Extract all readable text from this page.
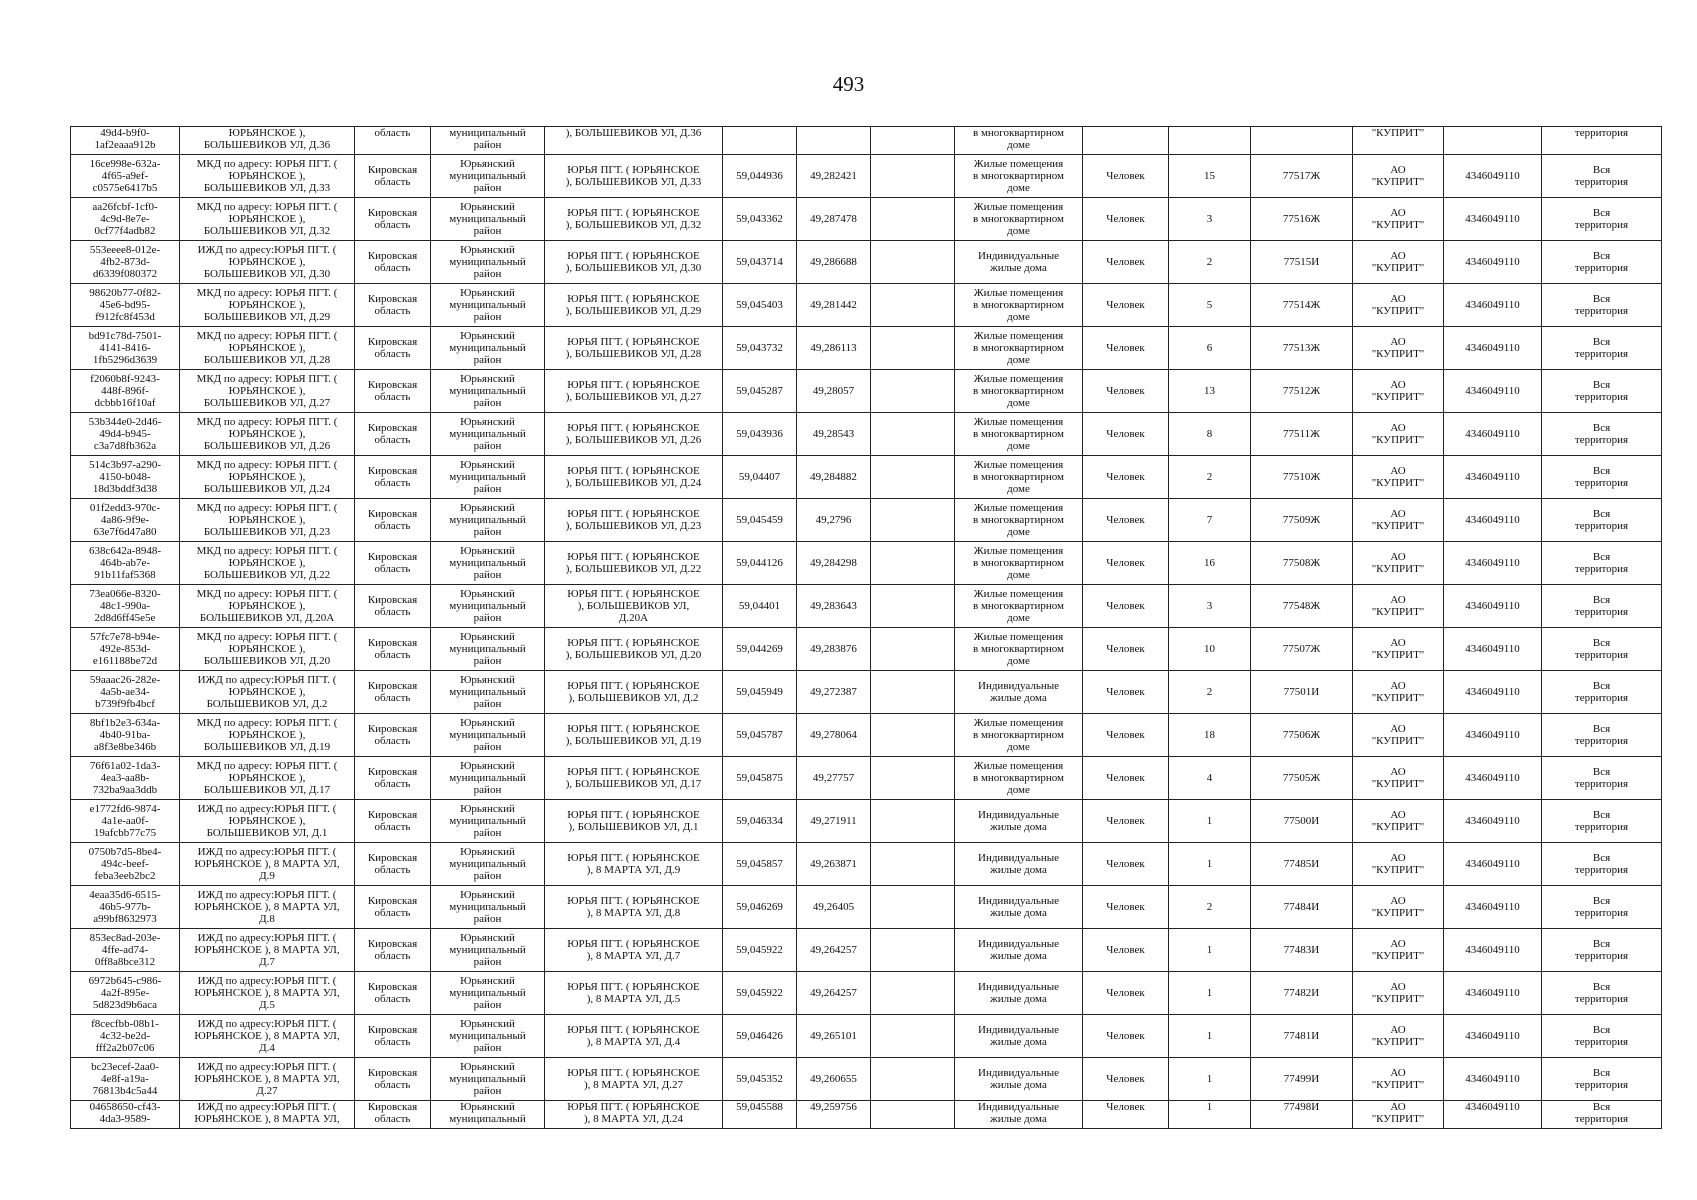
493
49d4-b9f0-
1af2eaaa912b	ЮРЬЯНСКОЕ ),
БОЛЬШЕВИКОВ УЛ, Д.36	область	муниципальный
район	), БОЛЬШЕВИКОВ УЛ, Д.36				в многоквартирном
доме				"КУПРИТ"		территория
16ce998e-632a-
4f65-a9ef-
c0575e6417b5	МКД по адресу: ЮРЬЯ ПГТ. (
ЮРЬЯНСКОЕ ),
БОЛЬШЕВИКОВ УЛ, Д.33	Кировская
область	Юрьянский
муниципальный
район	ЮРЬЯ ПГТ. ( ЮРЬЯНСКОЕ
), БОЛЬШЕВИКОВ УЛ, Д.33	59,044936	49,282421		Жилые помещения
в многоквартирном
доме	Человек	15	77517Ж	АО
"КУПРИТ"	4346049110	Вся
территория
aa26fcbf-1cf0-
4c9d-8e7e-
0cf77f4adb82	МКД по адресу: ЮРЬЯ ПГТ. (
ЮРЬЯНСКОЕ ),
БОЛЬШЕВИКОВ УЛ, Д.32	Кировская
область	Юрьянский
муниципальный
район	ЮРЬЯ ПГТ. ( ЮРЬЯНСКОЕ
), БОЛЬШЕВИКОВ УЛ, Д.32	59,043362	49,287478		Жилые помещения
в многоквартирном
доме	Человек	3	77516Ж	АО
"КУПРИТ"	4346049110	Вся
территория
553eeee8-012e-
4fb2-873d-
d6339f080372	ИЖД по адресу:ЮРЬЯ ПГТ. (
ЮРЬЯНСКОЕ ),
БОЛЬШЕВИКОВ УЛ, Д.30	Кировская
область	Юрьянский
муниципальный
район	ЮРЬЯ ПГТ. ( ЮРЬЯНСКОЕ
), БОЛЬШЕВИКОВ УЛ, Д.30	59,043714	49,286688		Индивидуальные
жилые дома	Человек	2	77515И	АО
"КУПРИТ"	4346049110	Вся
территория
98620b77-0f82-
45e6-bd95-
f912fc8f453d	МКД по адресу: ЮРЬЯ ПГТ. (
ЮРЬЯНСКОЕ ),
БОЛЬШЕВИКОВ УЛ, Д.29	Кировская
область	Юрьянский
муниципальный
район	ЮРЬЯ ПГТ. ( ЮРЬЯНСКОЕ
), БОЛЬШЕВИКОВ УЛ, Д.29	59,045403	49,281442		Жилые помещения
в многоквартирном
доме	Человек	5	77514Ж	АО
"КУПРИТ"	4346049110	Вся
территория
bd91c78d-7501-
4141-8416-
1fb5296d3639	МКД по адресу: ЮРЬЯ ПГТ. (
ЮРЬЯНСКОЕ ),
БОЛЬШЕВИКОВ УЛ, Д.28	Кировская
область	Юрьянский
муниципальный
район	ЮРЬЯ ПГТ. ( ЮРЬЯНСКОЕ
), БОЛЬШЕВИКОВ УЛ, Д.28	59,043732	49,286113		Жилые помещения
в многоквартирном
доме	Человек	6	77513Ж	АО
"КУПРИТ"	4346049110	Вся
территория
f2060b8f-9243-
448f-896f-
dcbbb16f10af	МКД по адресу: ЮРЬЯ ПГТ. (
ЮРЬЯНСКОЕ ),
БОЛЬШЕВИКОВ УЛ, Д.27	Кировская
область	Юрьянский
муниципальный
район	ЮРЬЯ ПГТ. ( ЮРЬЯНСКОЕ
), БОЛЬШЕВИКОВ УЛ, Д.27	59,045287	49,28057		Жилые помещения
в многоквартирном
доме	Человек	13	77512Ж	АО
"КУПРИТ"	4346049110	Вся
территория
53b344e0-2d46-
49d4-b945-
c3a7d8fb362a	МКД по адресу: ЮРЬЯ ПГТ. (
ЮРЬЯНСКОЕ ),
БОЛЬШЕВИКОВ УЛ, Д.26	Кировская
область	Юрьянский
муниципальный
район	ЮРЬЯ ПГТ. ( ЮРЬЯНСКОЕ
), БОЛЬШЕВИКОВ УЛ, Д.26	59,043936	49,28543		Жилые помещения
в многоквартирном
доме	Человек	8	77511Ж	АО
"КУПРИТ"	4346049110	Вся
территория
514c3b97-a290-
4150-b048-
18d3bddf3d38	МКД по адресу: ЮРЬЯ ПГТ. (
ЮРЬЯНСКОЕ ),
БОЛЬШЕВИКОВ УЛ, Д.24	Кировская
область	Юрьянский
муниципальный
район	ЮРЬЯ ПГТ. ( ЮРЬЯНСКОЕ
), БОЛЬШЕВИКОВ УЛ, Д.24	59,04407	49,284882		Жилые помещения
в многоквартирном
доме	Человек	2	77510Ж	АО
"КУПРИТ"	4346049110	Вся
территория
01f2edd3-970c-
4a86-9f9e-
63e7f6d47a80	МКД по адресу: ЮРЬЯ ПГТ. (
ЮРЬЯНСКОЕ ),
БОЛЬШЕВИКОВ УЛ, Д.23	Кировская
область	Юрьянский
муниципальный
район	ЮРЬЯ ПГТ. ( ЮРЬЯНСКОЕ
), БОЛЬШЕВИКОВ УЛ, Д.23	59,045459	49,2796		Жилые помещения
в многоквартирном
доме	Человек	7	77509Ж	АО
"КУПРИТ"	4346049110	Вся
территория
638c642a-8948-
464b-ab7e-
91b11faf5368	МКД по адресу: ЮРЬЯ ПГТ. (
ЮРЬЯНСКОЕ ),
БОЛЬШЕВИКОВ УЛ, Д.22	Кировская
область	Юрьянский
муниципальный
район	ЮРЬЯ ПГТ. ( ЮРЬЯНСКОЕ
), БОЛЬШЕВИКОВ УЛ, Д.22	59,044126	49,284298		Жилые помещения
в многоквартирном
доме	Человек	16	77508Ж	АО
"КУПРИТ"	4346049110	Вся
территория
73ea066e-8320-
48c1-990a-
2d8d6ff45e5e	МКД по адресу: ЮРЬЯ ПГТ. (
ЮРЬЯНСКОЕ ),
БОЛЬШЕВИКОВ УЛ, Д.20А	Кировская
область	Юрьянский
муниципальный
район	ЮРЬЯ ПГТ. ( ЮРЬЯНСКОЕ
), БОЛЬШЕВИКОВ УЛ,
Д.20А	59,04401	49,283643		Жилые помещения
в многоквартирном
доме	Человек	3	77548Ж	АО
"КУПРИТ"	4346049110	Вся
территория
57fc7e78-b94e-
492e-853d-
e161188be72d	МКД по адресу: ЮРЬЯ ПГТ. (
ЮРЬЯНСКОЕ ),
БОЛЬШЕВИКОВ УЛ, Д.20	Кировская
область	Юрьянский
муниципальный
район	ЮРЬЯ ПГТ. ( ЮРЬЯНСКОЕ
), БОЛЬШЕВИКОВ УЛ, Д.20	59,044269	49,283876		Жилые помещения
в многоквартирном
доме	Человек	10	77507Ж	АО
"КУПРИТ"	4346049110	Вся
территория
59aaac26-282e-
4a5b-ae34-
b739f9fb4bcf	ИЖД по адресу:ЮРЬЯ ПГТ. (
ЮРЬЯНСКОЕ ),
БОЛЬШЕВИКОВ УЛ, Д.2	Кировская
область	Юрьянский
муниципальный
район	ЮРЬЯ ПГТ. ( ЮРЬЯНСКОЕ
), БОЛЬШЕВИКОВ УЛ, Д.2	59,045949	49,272387		Индивидуальные
жилые дома	Человек	2	77501И	АО
"КУПРИТ"	4346049110	Вся
территория
8bf1b2e3-634a-
4b40-91ba-
a8f3e8be346b	МКД по адресу: ЮРЬЯ ПГТ. (
ЮРЬЯНСКОЕ ),
БОЛЬШЕВИКОВ УЛ, Д.19	Кировская
область	Юрьянский
муниципальный
район	ЮРЬЯ ПГТ. ( ЮРЬЯНСКОЕ
), БОЛЬШЕВИКОВ УЛ, Д.19	59,045787	49,278064		Жилые помещения
в многоквартирном
доме	Человек	18	77506Ж	АО
"КУПРИТ"	4346049110	Вся
территория
76f61a02-1da3-
4ea3-aa8b-
732ba9aa3ddb	МКД по адресу: ЮРЬЯ ПГТ. (
ЮРЬЯНСКОЕ ),
БОЛЬШЕВИКОВ УЛ, Д.17	Кировская
область	Юрьянский
муниципальный
район	ЮРЬЯ ПГТ. ( ЮРЬЯНСКОЕ
), БОЛЬШЕВИКОВ УЛ, Д.17	59,045875	49,27757		Жилые помещения
в многоквартирном
доме	Человек	4	77505Ж	АО
"КУПРИТ"	4346049110	Вся
территория
e1772fd6-9874-
4a1e-aa0f-
19afcbb77c75	ИЖД по адресу:ЮРЬЯ ПГТ. (
ЮРЬЯНСКОЕ ),
БОЛЬШЕВИКОВ УЛ, Д.1	Кировская
область	Юрьянский
муниципальный
район	ЮРЬЯ ПГТ. ( ЮРЬЯНСКОЕ
), БОЛЬШЕВИКОВ УЛ, Д.1	59,046334	49,271911		Индивидуальные
жилые дома	Человек	1	77500И	АО
"КУПРИТ"	4346049110	Вся
территория
0750b7d5-8be4-
494c-beef-
feba3eeb2bc2	ИЖД по адресу:ЮРЬЯ ПГТ. (
ЮРЬЯНСКОЕ ), 8 МАРТА УЛ,
Д.9	Кировская
область	Юрьянский
муниципальный
район	ЮРЬЯ ПГТ. ( ЮРЬЯНСКОЕ
), 8 МАРТА УЛ, Д.9	59,045857	49,263871		Индивидуальные
жилые дома	Человек	1	77485И	АО
"КУПРИТ"	4346049110	Вся
территория
4eaa35d6-6515-
46b5-977b-
a99bf8632973	ИЖД по адресу:ЮРЬЯ ПГТ. (
ЮРЬЯНСКОЕ ), 8 МАРТА УЛ,
Д.8	Кировская
область	Юрьянский
муниципальный
район	ЮРЬЯ ПГТ. ( ЮРЬЯНСКОЕ
), 8 МАРТА УЛ, Д.8	59,046269	49,26405		Индивидуальные
жилые дома	Человек	2	77484И	АО
"КУПРИТ"	4346049110	Вся
территория
853ec8ad-203e-
4ffe-ad74-
0ff8a8bce312	ИЖД по адресу:ЮРЬЯ ПГТ. (
ЮРЬЯНСКОЕ ), 8 МАРТА УЛ,
Д.7	Кировская
область	Юрьянский
муниципальный
район	ЮРЬЯ ПГТ. ( ЮРЬЯНСКОЕ
), 8 МАРТА УЛ, Д.7	59,045922	49,264257		Индивидуальные
жилые дома	Человек	1	77483И	АО
"КУПРИТ"	4346049110	Вся
территория
6972b645-c986-
4a2f-895e-
5d823d9b6aca	ИЖД по адресу:ЮРЬЯ ПГТ. (
ЮРЬЯНСКОЕ ), 8 МАРТА УЛ,
Д.5	Кировская
область	Юрьянский
муниципальный
район	ЮРЬЯ ПГТ. ( ЮРЬЯНСКОЕ
), 8 МАРТА УЛ, Д.5	59,045922	49,264257		Индивидуальные
жилые дома	Человек	1	77482И	АО
"КУПРИТ"	4346049110	Вся
территория
f8cecfbb-08b1-
4c32-be2d-
fff2a2b07c06	ИЖД по адресу:ЮРЬЯ ПГТ. (
ЮРЬЯНСКОЕ ), 8 МАРТА УЛ,
Д.4	Кировская
область	Юрьянский
муниципальный
район	ЮРЬЯ ПГТ. ( ЮРЬЯНСКОЕ
), 8 МАРТА УЛ, Д.4	59,046426	49,265101		Индивидуальные
жилые дома	Человек	1	77481И	АО
"КУПРИТ"	4346049110	Вся
территория
bc23ecef-2aa0-
4e8f-a19a-
76813b4c5a44	ИЖД по адресу:ЮРЬЯ ПГТ. (
ЮРЬЯНСКОЕ ), 8 МАРТА УЛ,
Д.27	Кировская
область	Юрьянский
муниципальный
район	ЮРЬЯ ПГТ. ( ЮРЬЯНСКОЕ
), 8 МАРТА УЛ, Д.27	59,045352	49,260655		Индивидуальные
жилые дома	Человек	1	77499И	АО
"КУПРИТ"	4346049110	Вся
территория
04658650-cf43-
4da3-9589-	ИЖД по адресу:ЮРЬЯ ПГТ. (
ЮРЬЯНСКОЕ ), 8 МАРТА УЛ,	Кировская
область	Юрьянский
муниципальный	ЮРЬЯ ПГТ. ( ЮРЬЯНСКОЕ
), 8 МАРТА УЛ, Д.24	59,045588	49,259756		Индивидуальные
жилые дома	Человек	1	77498И	АО
"КУПРИТ"	4346049110	Вся
территория
